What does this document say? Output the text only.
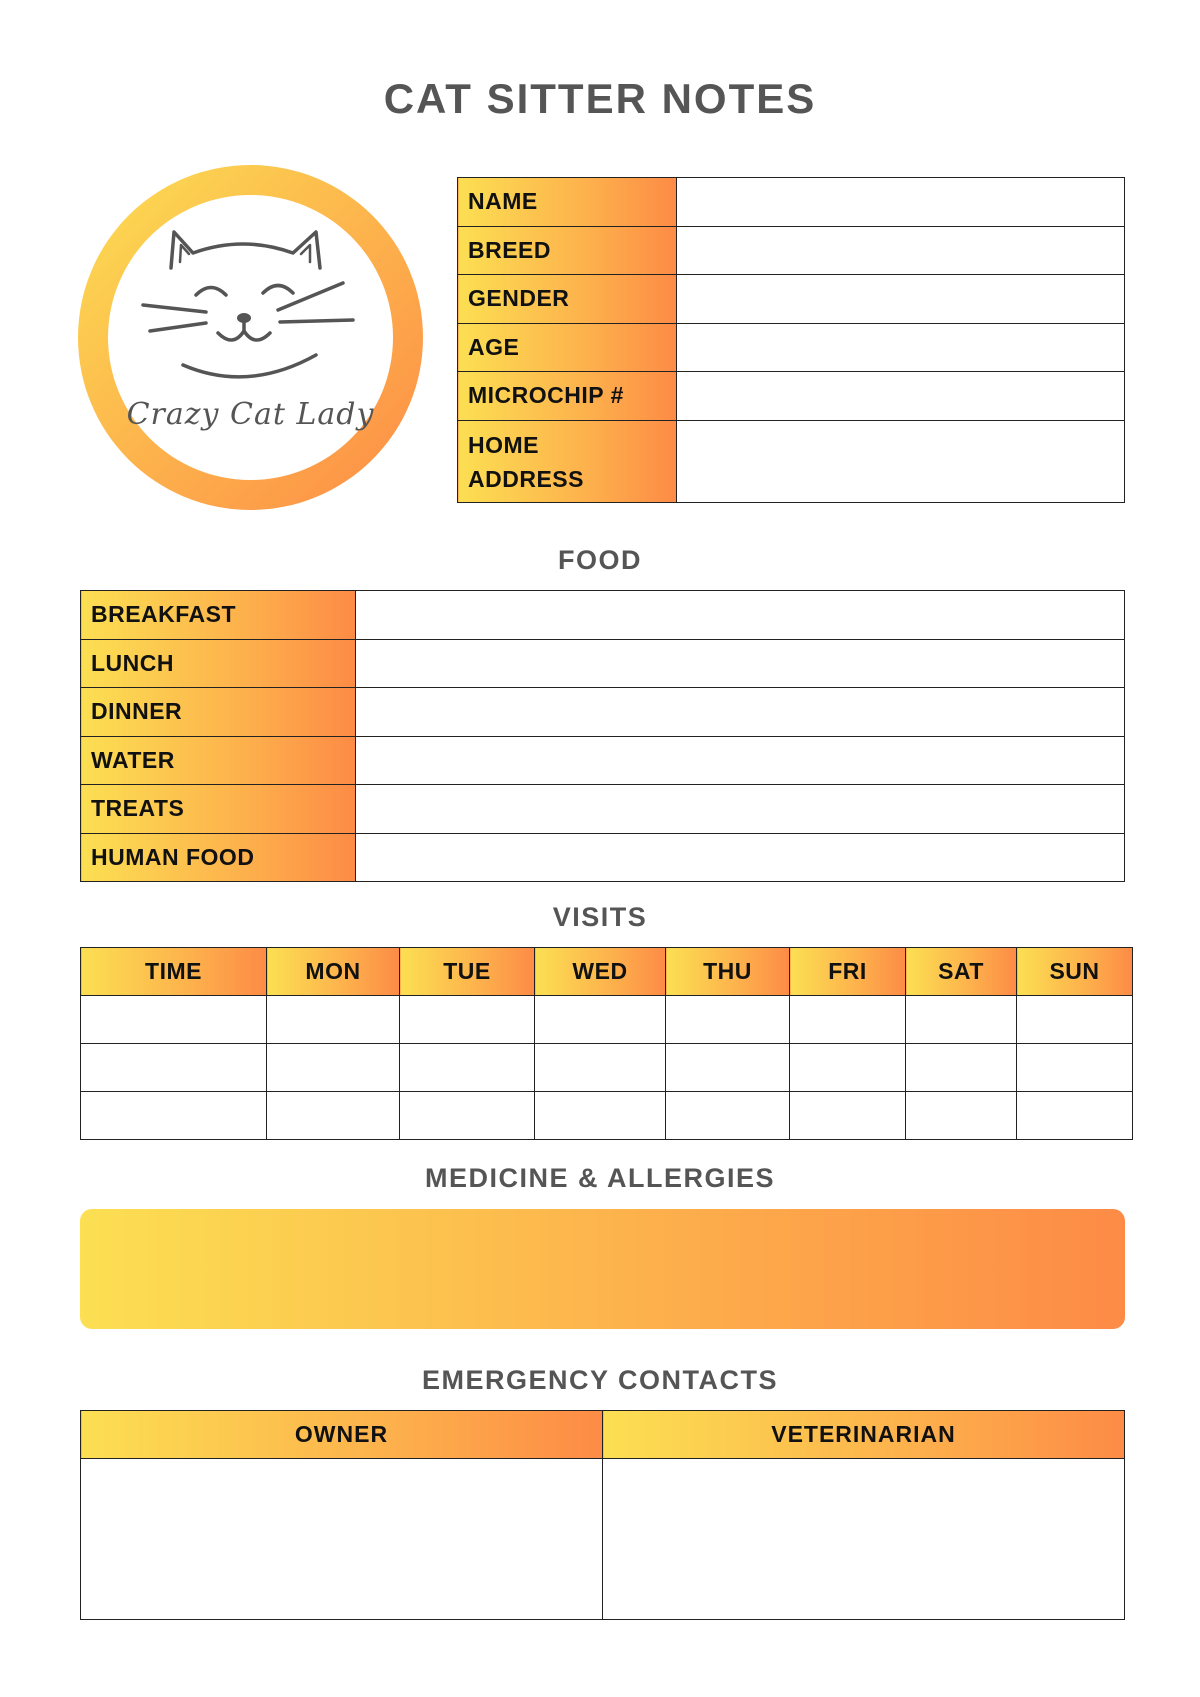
CAT SITTER NOTES
Crazy Cat Lady
NAME	
BREED	
GENDER	
AGE	
MICROCHIP #	

HOME
ADDRESS	

FOOD
BREAKFAST	
LUNCH	
DINNER	
WATER	
TREATS	
HUMAN FOOD	
VISITS
TIME	MON	TUE	WED	THU	FRI	SAT	SUN

MEDICINE & ALLERGIES
EMERGENCY CONTACTS
OWNER	VETERINARIAN
